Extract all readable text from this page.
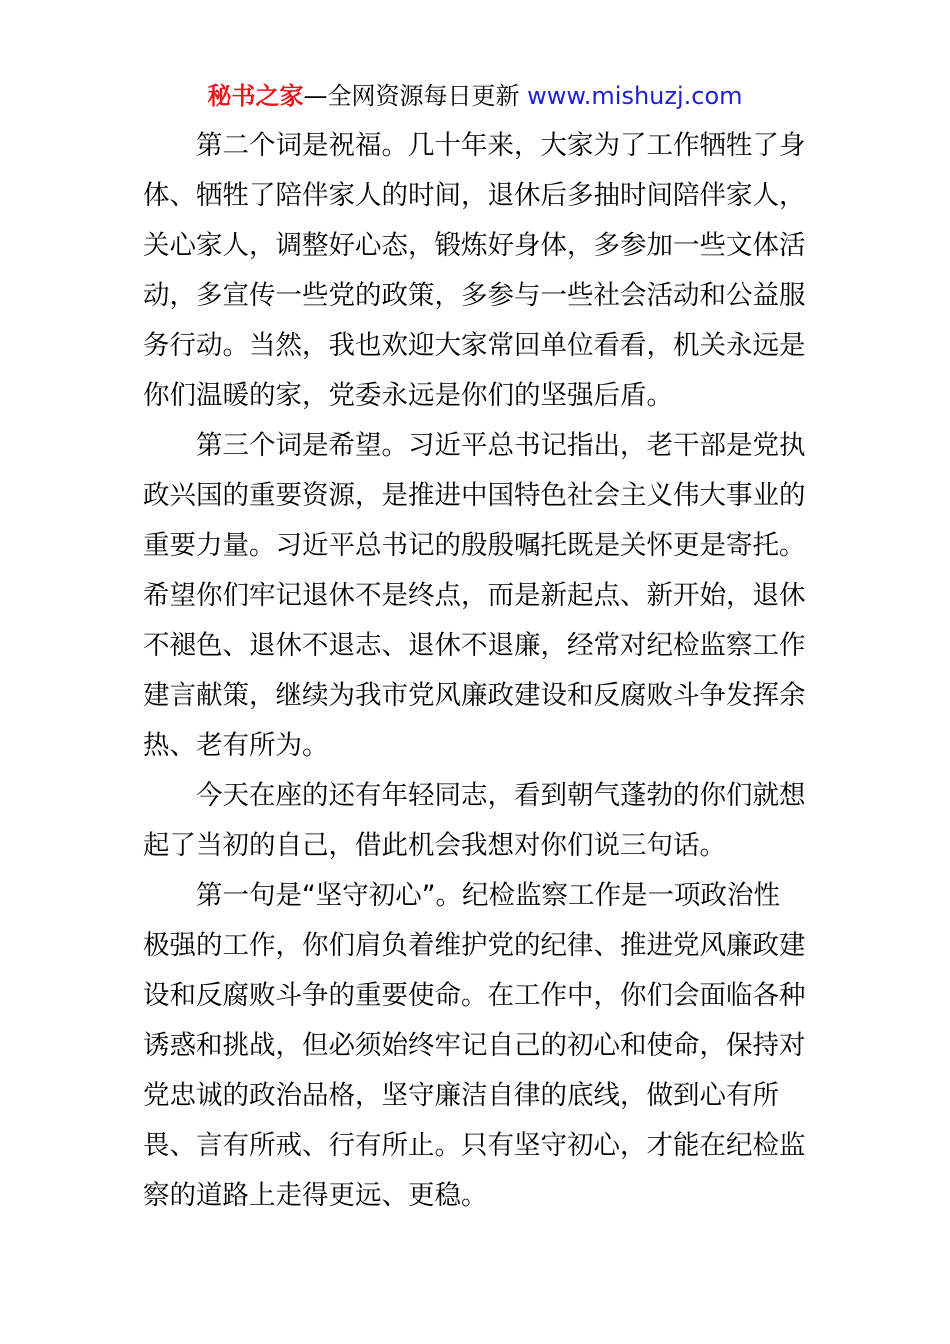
秘书之家—全网资源每日更新 www.mishuzj.com

第二个词是祝福。几十年来，大家为了工作牺牲了身
体、牺牲了陪伴家人的时间，退休后多抽时间陪伴家人，
关心家人，调整好心态，锻炼好身体，多参加一些文体活
动，多宣传一些党的政策，多参与一些社会活动和公益服
务行动。当然，我也欢迎大家常回单位看看，机关永远是
你们温暖的家，党委永远是你们的坚强后盾。

第三个词是希望。习近平总书记指出，老干部是党执
政兴国的重要资源，是推进中国特色社会主义伟大事业的
重要力量。习近平总书记的殷殷嘱托既是关怀更是寄托。
希望你们牢记退休不是终点，而是新起点、新开始，退休
不褪色、退休不退志、退休不退廉，经常对纪检监察工作
建言献策，继续为我市党风廉政建设和反腐败斗争发挥余
热、老有所为。

今天在座的还有年轻同志，看到朝气蓬勃的你们就想
起了当初的自己，借此机会我想对你们说三句话。

第一句是“坚守初心”。纪检监察工作是一项政治性
极强的工作，你们肩负着维护党的纪律、推进党风廉政建
设和反腐败斗争的重要使命。在工作中，你们会面临各种
诱惑和挑战，但必须始终牢记自己的初心和使命，保持对
党忠诚的政治品格，坚守廉洁自律的底线，做到心有所
畏、言有所戒、行有所止。只有坚守初心，才能在纪检监
察的道路上走得更远、更稳。
